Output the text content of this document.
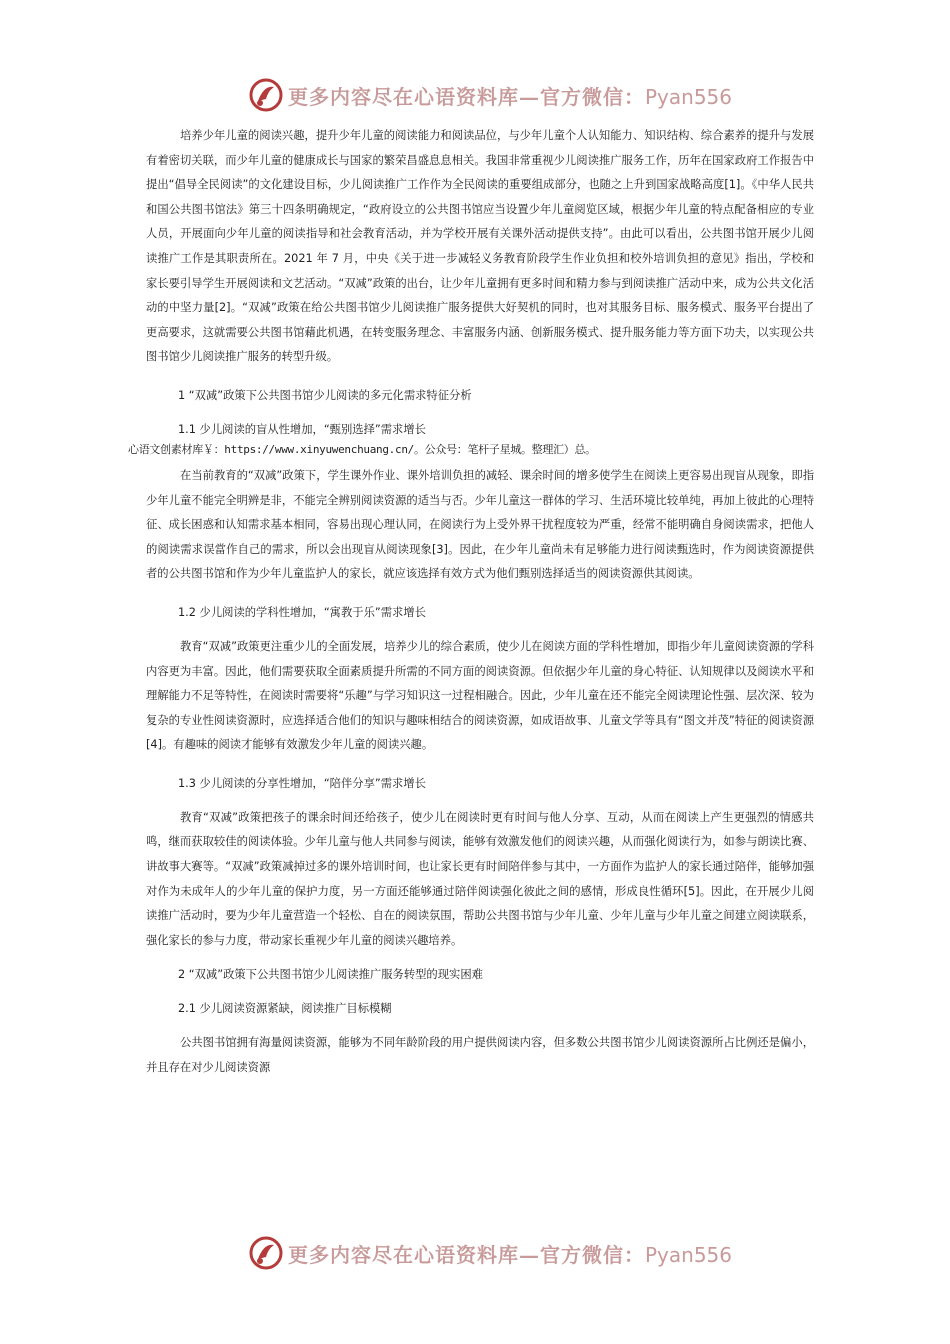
更多内容尽在心语资料库—官方微信：Pyan556
心语文创素材库￥：https://www.xinyuwenchuang.cn/。公众号：笔杆子星城。整理汇）总。

培养少年儿童的阅读兴趣，提升少年儿童的阅读能力和阅读品位，与少年儿童个人认知能力、知识结构、综合素养的提升与发展有着密切关联，而少年儿童的健康成长与国家的繁荣昌盛息息相关。我国非常重视少儿阅读推广服务工作，历年在国家政府工作报告中提出“倡导全民阅读”的文化建设目标，少儿阅读推广工作作为全民阅读的重要组成部分，也随之上升到国家战略高度[1]。《中华人民共和国公共图书馆法》第三十四条明确规定，“政府设立的公共图书馆应当设置少年儿童阅览区域，根据少年儿童的特点配备相应的专业人员，开展面向少年儿童的阅读指导和社会教育活动，并为学校开展有关课外活动提供支持”。由此可以看出，公共图书馆开展少儿阅读推广工作是其职责所在。2021 年 7 月，中央《关于进一步减轻义务教育阶段学生作业负担和校外培训负担的意见》指出，学校和家长要引导学生开展阅读和文艺活动。“双减”政策的出台，让少年儿童拥有更多时间和精力参与到阅读推广活动中来，成为公共文化活动的中坚力量[2]。“双减”政策在给公共图书馆少儿阅读推广服务提供大好契机的同时，也对其服务目标、服务模式、服务平台提出了更高要求，这就需要公共图书馆藉此机遇，在转变服务理念、丰富服务内涵、创新服务模式、提升服务能力等方面下功夫，以实现公共图书馆少儿阅读推广服务的转型升级。

1 “双减”政策下公共图书馆少儿阅读的多元化需求特征分析

1.1 少儿阅读的盲从性增加，“甄别选择”需求增长

在当前教育的“双减”政策下，学生课外作业、课外培训负担的减轻、课余时间的增多使学生在阅读上更容易出现盲从现象，即指少年儿童不能完全明辨是非，不能完全辨别阅读资源的适当与否。少年儿童这一群体的学习、生活环境比较单纯，再加上彼此的心理特征、成长困惑和认知需求基本相同，容易出现心理认同，在阅读行为上受外界干扰程度较为严重，经常不能明确自身阅读需求，把他人的阅读需求误當作自己的需求，所以会出现盲从阅读现象[3]。因此，在少年儿童尚未有足够能力进行阅读甄选时，作为阅读资源提供者的公共图书馆和作为少年儿童监护人的家长，就应该选择有效方式为他们甄别选择适当的阅读资源供其阅读。

1.2 少儿阅读的学科性增加，“寓教于乐”需求增长

教育“双减”政策更注重少儿的全面发展，培养少儿的综合素质，使少儿在阅读方面的学科性增加，即指少年儿童阅读资源的学科内容更为丰富。因此，他们需要获取全面素质提升所需的不同方面的阅读资源。但依据少年儿童的身心特征、认知规律以及阅读水平和理解能力不足等特性，在阅读时需要将“乐趣”与学习知识这一过程相融合。因此，少年儿童在还不能完全阅读理论性强、层次深、较为复杂的专业性阅读资源时，应选择适合他们的知识与趣味相结合的阅读资源，如成语故事、儿童文学等具有“图文并茂”特征的阅读资源[4]。有趣味的阅读才能够有效激发少年儿童的阅读兴趣。

1.3 少儿阅读的分享性增加，“陪伴分享”需求增长

教育“双减”政策把孩子的课余时间还给孩子，使少儿在阅读时更有时间与他人分享、互动，从而在阅读上产生更强烈的情感共鸣，继而获取较佳的阅读体验。少年儿童与他人共同参与阅读，能够有效激发他们的阅读兴趣，从而强化阅读行为，如参与朗读比赛、讲故事大赛等。“双减”政策减掉过多的课外培训时间，也让家长更有时间陪伴参与其中，一方面作为监护人的家长通过陪伴，能够加强对作为未成年人的少年儿童的保护力度，另一方面还能够通过陪伴阅读强化彼此之间的感情，形成良性循环[5]。因此，在开展少儿阅读推广活动时，要为少年儿童营造一个轻松、自在的阅读氛围，帮助公共图书馆与少年儿童、少年儿童与少年儿童之间建立阅读联系，强化家长的参与力度，带动家长重视少年儿童的阅读兴趣培养。

2 “双减”政策下公共图书馆少儿阅读推广服务转型的现实困难

2.1 少儿阅读资源紧缺，阅读推广目标模糊

公共图书馆拥有海量阅读资源，能够为不同年龄阶段的用户提供阅读内容，但多数公共图书馆少儿阅读资源所占比例还是偏小，并且存在对少儿阅读资源

更多内容尽在心语资料库—官方微信：Pyan556
